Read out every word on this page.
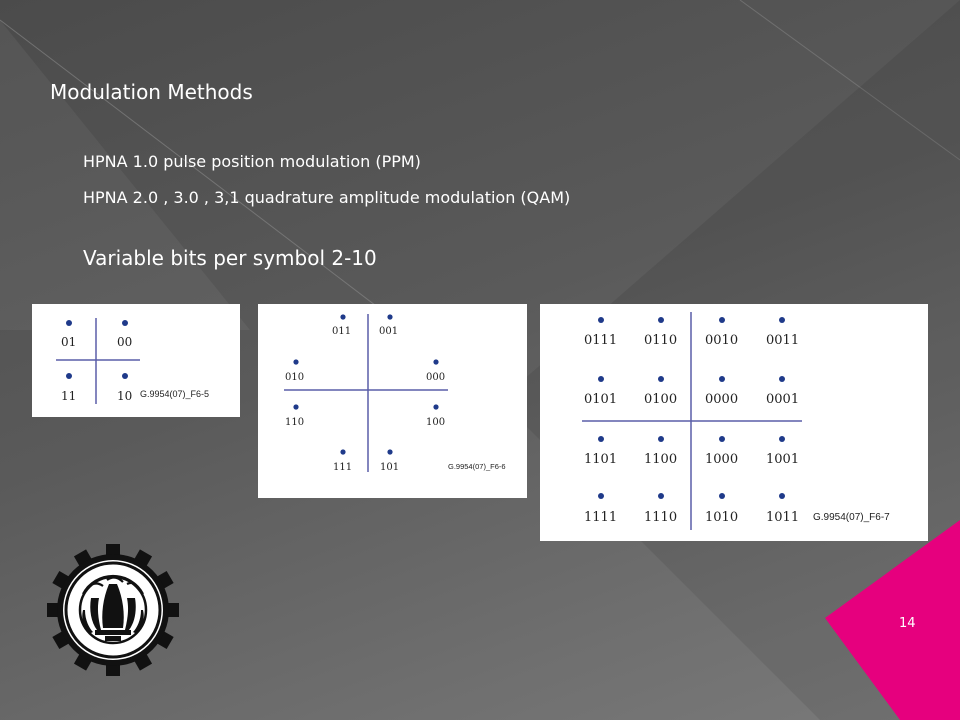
Modulation Methods
HPNA 1.0 pulse position modulation (PPM)
HPNA 2.0 , 3.0 , 3,1 quadrature amplitude modulation (QAM)
Variable bits per symbol 2-10
01	00
11	10 G.9954(07)_F6-5
011	001
010	000
110	100
111	101	G.9954(07)_F6-6
0111 0110 0010 0011
0101 0100 0000 0001
1101 1100 1000 1001
1111 1110 1010 1011 G.9954(07)_F6-7
14
